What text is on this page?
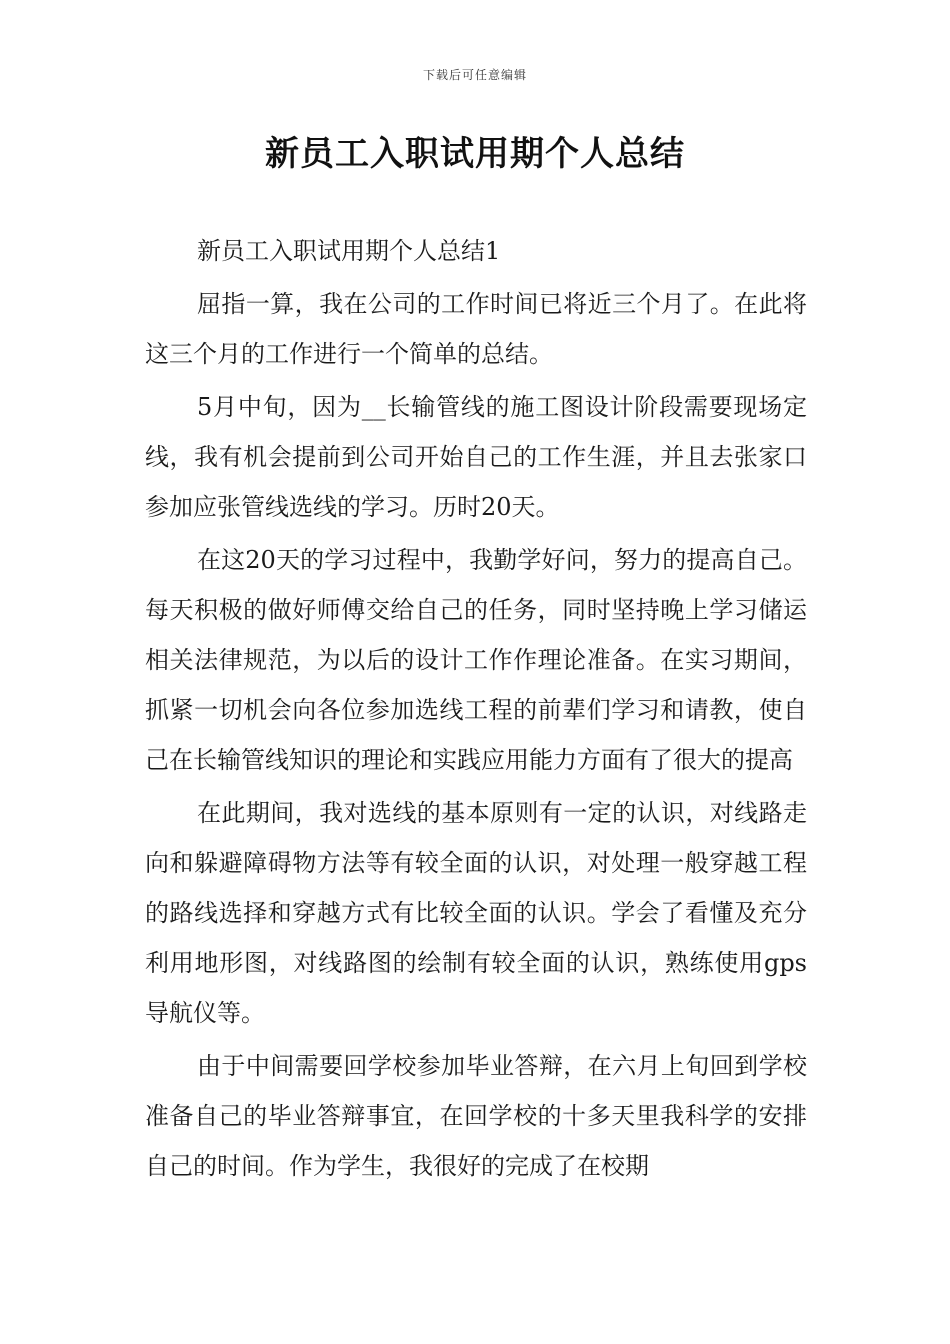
下载后可任意编辑
新员工入职试用期个人总结

新员工入职试用期个人总结1

屈指一算，我在公司的工作时间已将近三个月了。在此将这三个月的工作进行一个简单的总结。

5月中旬，因为__长输管线的施工图设计阶段需要现场定线，我有机会提前到公司开始自己的工作生涯，并且去张家口参加应张管线选线的学习。历时20天。

在这20天的学习过程中，我勤学好问，努力的提高自己。每天积极的做好师傅交给自己的任务，同时坚持晚上学习储运相关法律规范，为以后的设计工作作理论准备。在实习期间，抓紧一切机会向各位参加选线工程的前辈们学习和请教，使自己在长输管线知识的理论和实践应用能力方面有了很大的提高

在此期间，我对选线的基本原则有一定的认识，对线路走向和躲避障碍物方法等有较全面的认识，对处理一般穿越工程的路线选择和穿越方式有比较全面的认识。学会了看懂及充分利用地形图，对线路图的绘制有较全面的认识，熟练使用gps导航仪等。

由于中间需要回学校参加毕业答辩，在六月上旬回到学校准备自己的毕业答辩事宜，在回学校的十多天里我科学的安排自己的时间。作为学生，我很好的完成了在校期
